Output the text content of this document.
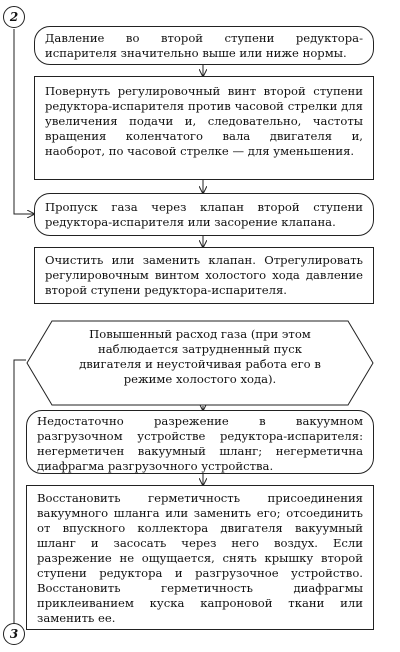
2
Давление во второй ступени редуктора-испарителя значительно выше или ниже нормы.
Повернуть регулировочный винт второй ступени редуктора-испарителя против часовой стрелки для увеличения подачи и, следовательно, частоты вращения коленчатого вала двигателя и, наоборот, по часовой стрелке — для уменьшения.
Пропуск газа через клапан второй ступени редуктора-испарителя или засорение клапана.
Очистить или заменить клапан. Отрегулировать регулировочным винтом холостого хода давление второй ступени редуктора-испарителя.
Повышенный расход газа (при этом наблюдается затрудненный пуск двигателя и неустойчивая работа его в режиме холостого хода).
Недостаточно разрежение в вакуумном разгрузочном устройстве редуктора-испарителя: негерметичен вакуумный шланг; негерметична диафрагма разгрузочного устройства.
Восстановить герметичность присоединения вакуумного шланга или заменить его; отсоединить от впускного коллектора двигателя вакуумный шланг и засосать через него воздух. Если разрежение не ощущается, снять крышку второй ступени редуктора и разгрузочное устройство. Восстановить герметичность диафрагмы приклеиванием куска капроновой ткани или заменить ее.
3
